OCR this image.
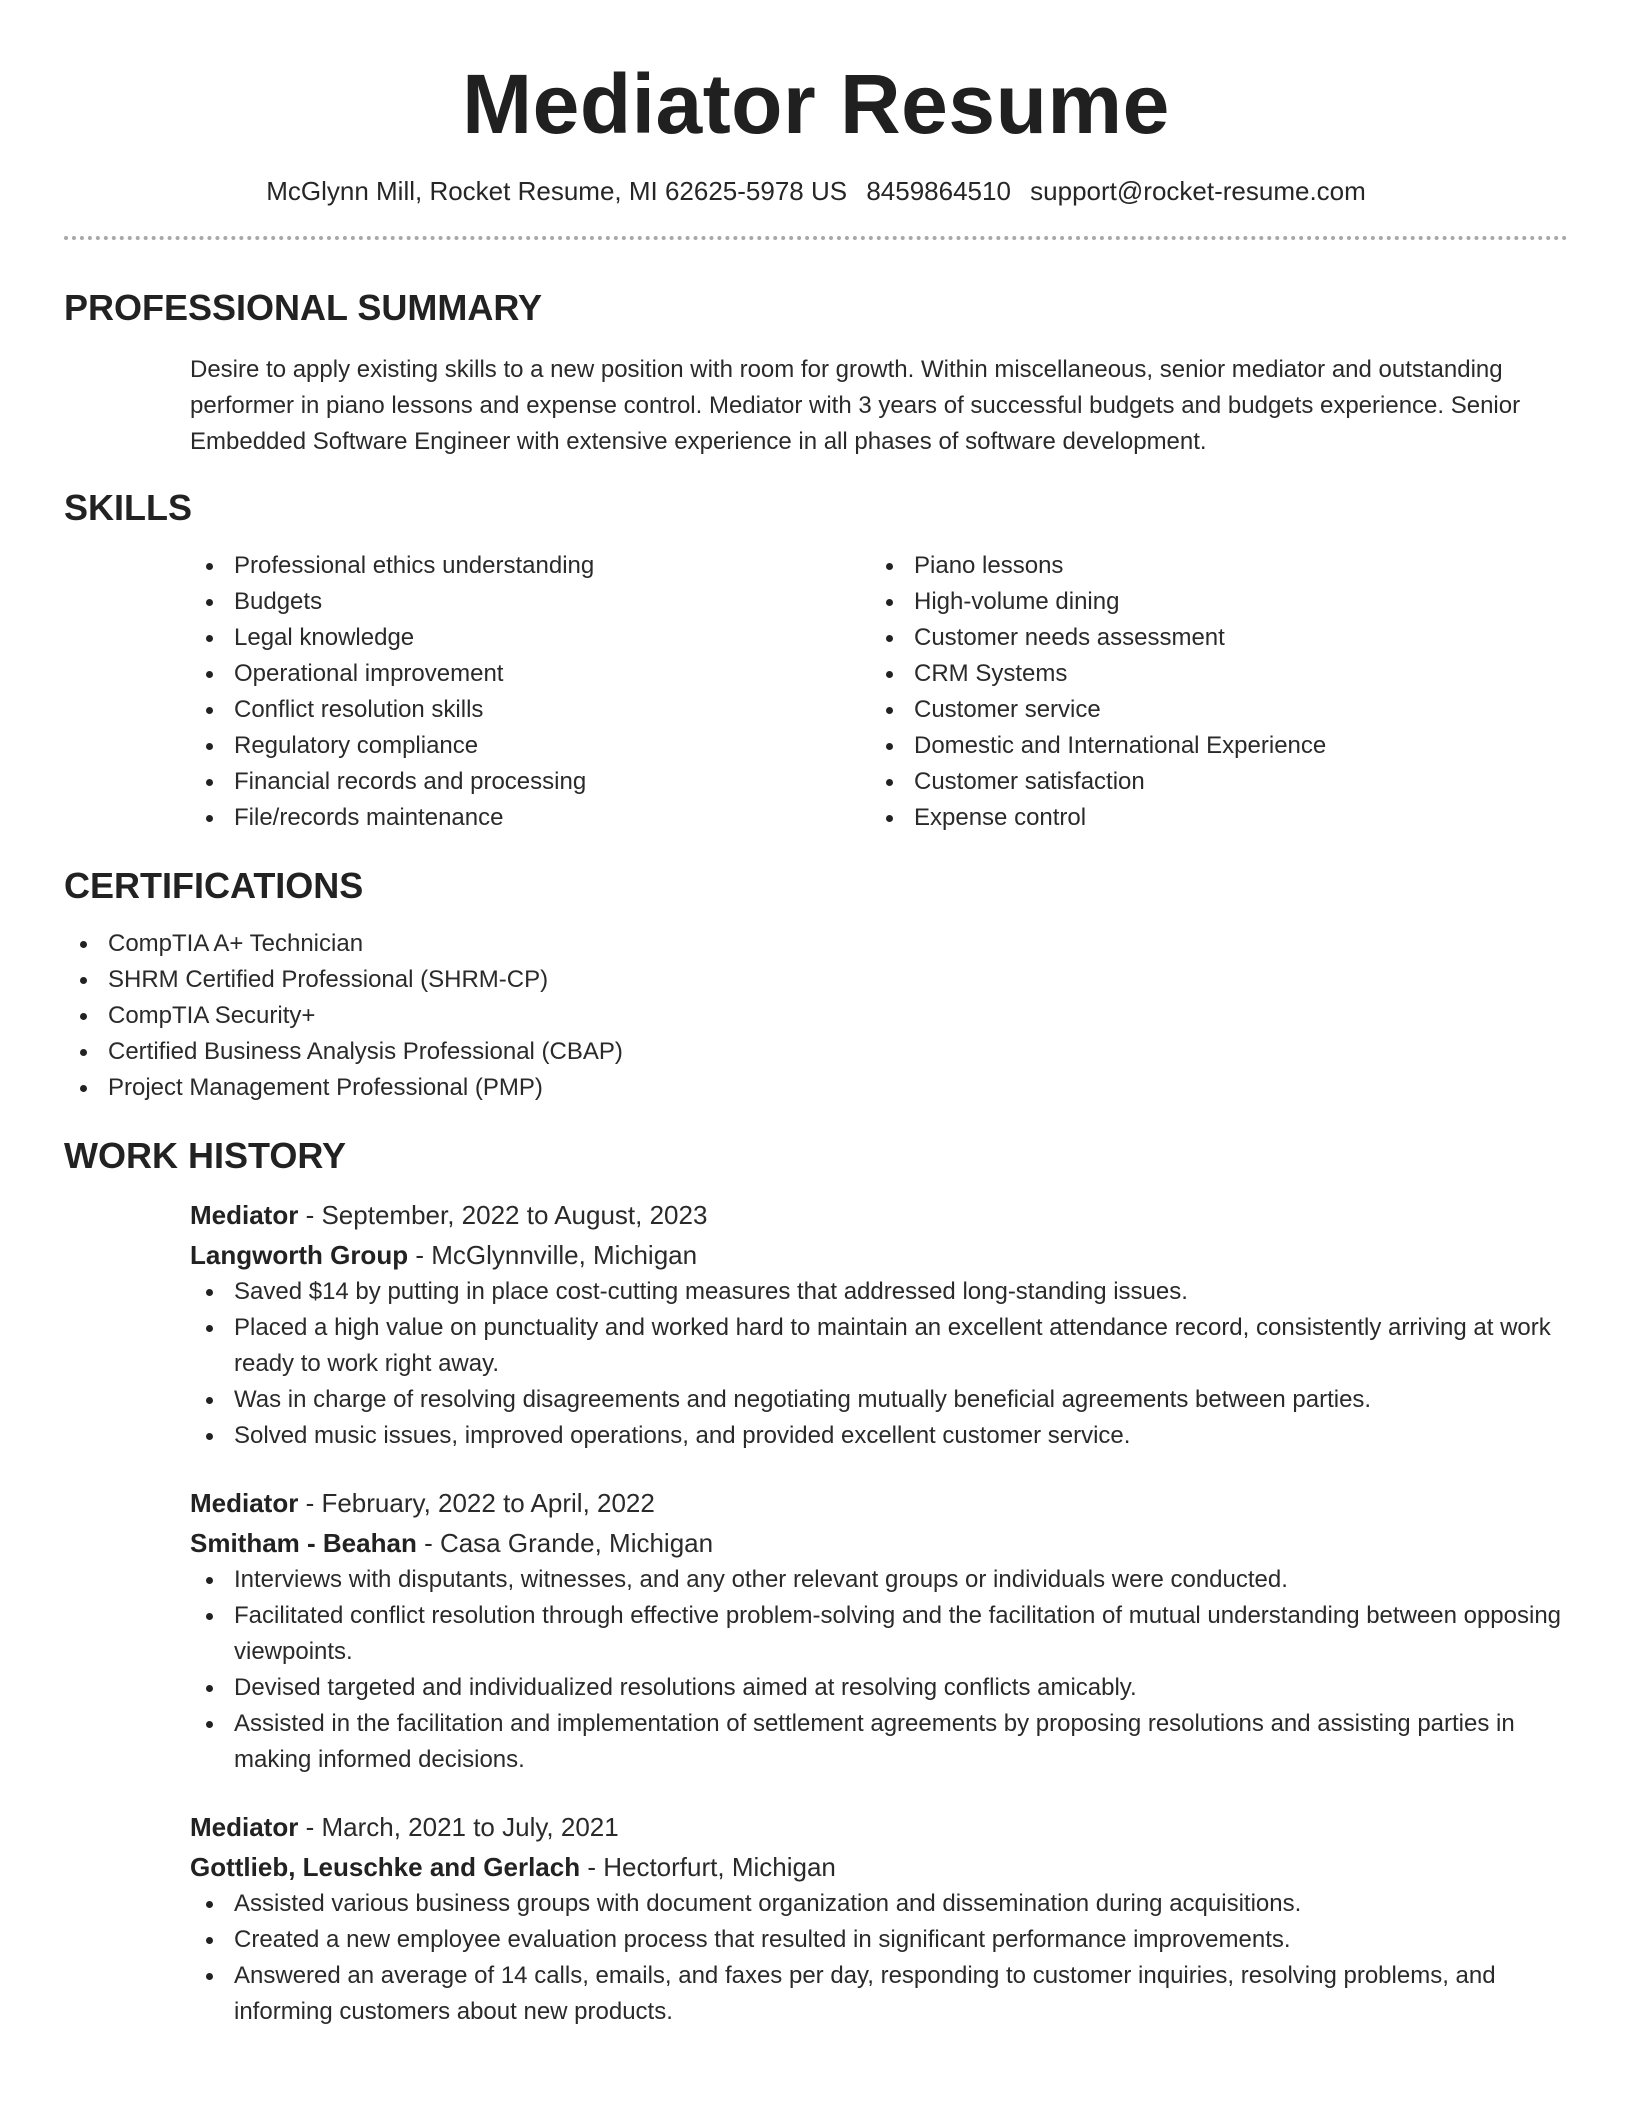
Mediator Resume
McGlynn Mill, Rocket Resume, MI 62625-5978 US 8459864510 support@rocket-resume.com
PROFESSIONAL SUMMARY
Desire to apply existing skills to a new position with room for growth. Within miscellaneous, senior mediator and outstanding performer in piano lessons and expense control. Mediator with 3 years of successful budgets and budgets experience. Senior Embedded Software Engineer with extensive experience in all phases of software development.
SKILLS
Professional ethics understanding
Budgets
Legal knowledge
Operational improvement
Conflict resolution skills
Regulatory compliance
Financial records and processing
File/records maintenance
Piano lessons
High-volume dining
Customer needs assessment
CRM Systems
Customer service
Domestic and International Experience
Customer satisfaction
Expense control
CERTIFICATIONS
CompTIA A+ Technician
SHRM Certified Professional (SHRM-CP)
CompTIA Security+
Certified Business Analysis Professional (CBAP)
Project Management Professional (PMP)
WORK HISTORY
Mediator - September, 2022 to August, 2023
Langworth Group - McGlynnville, Michigan
Saved $14 by putting in place cost-cutting measures that addressed long-standing issues.
Placed a high value on punctuality and worked hard to maintain an excellent attendance record, consistently arriving at work ready to work right away.
Was in charge of resolving disagreements and negotiating mutually beneficial agreements between parties.
Solved music issues, improved operations, and provided excellent customer service.
Mediator - February, 2022 to April, 2022
Smitham - Beahan - Casa Grande, Michigan
Interviews with disputants, witnesses, and any other relevant groups or individuals were conducted.
Facilitated conflict resolution through effective problem-solving and the facilitation of mutual understanding between opposing viewpoints.
Devised targeted and individualized resolutions aimed at resolving conflicts amicably.
Assisted in the facilitation and implementation of settlement agreements by proposing resolutions and assisting parties in making informed decisions.
Mediator - March, 2021 to July, 2021
Gottlieb, Leuschke and Gerlach - Hectorfurt, Michigan
Assisted various business groups with document organization and dissemination during acquisitions.
Created a new employee evaluation process that resulted in significant performance improvements.
Answered an average of 14 calls, emails, and faxes per day, responding to customer inquiries, resolving problems, and informing customers about new products.
